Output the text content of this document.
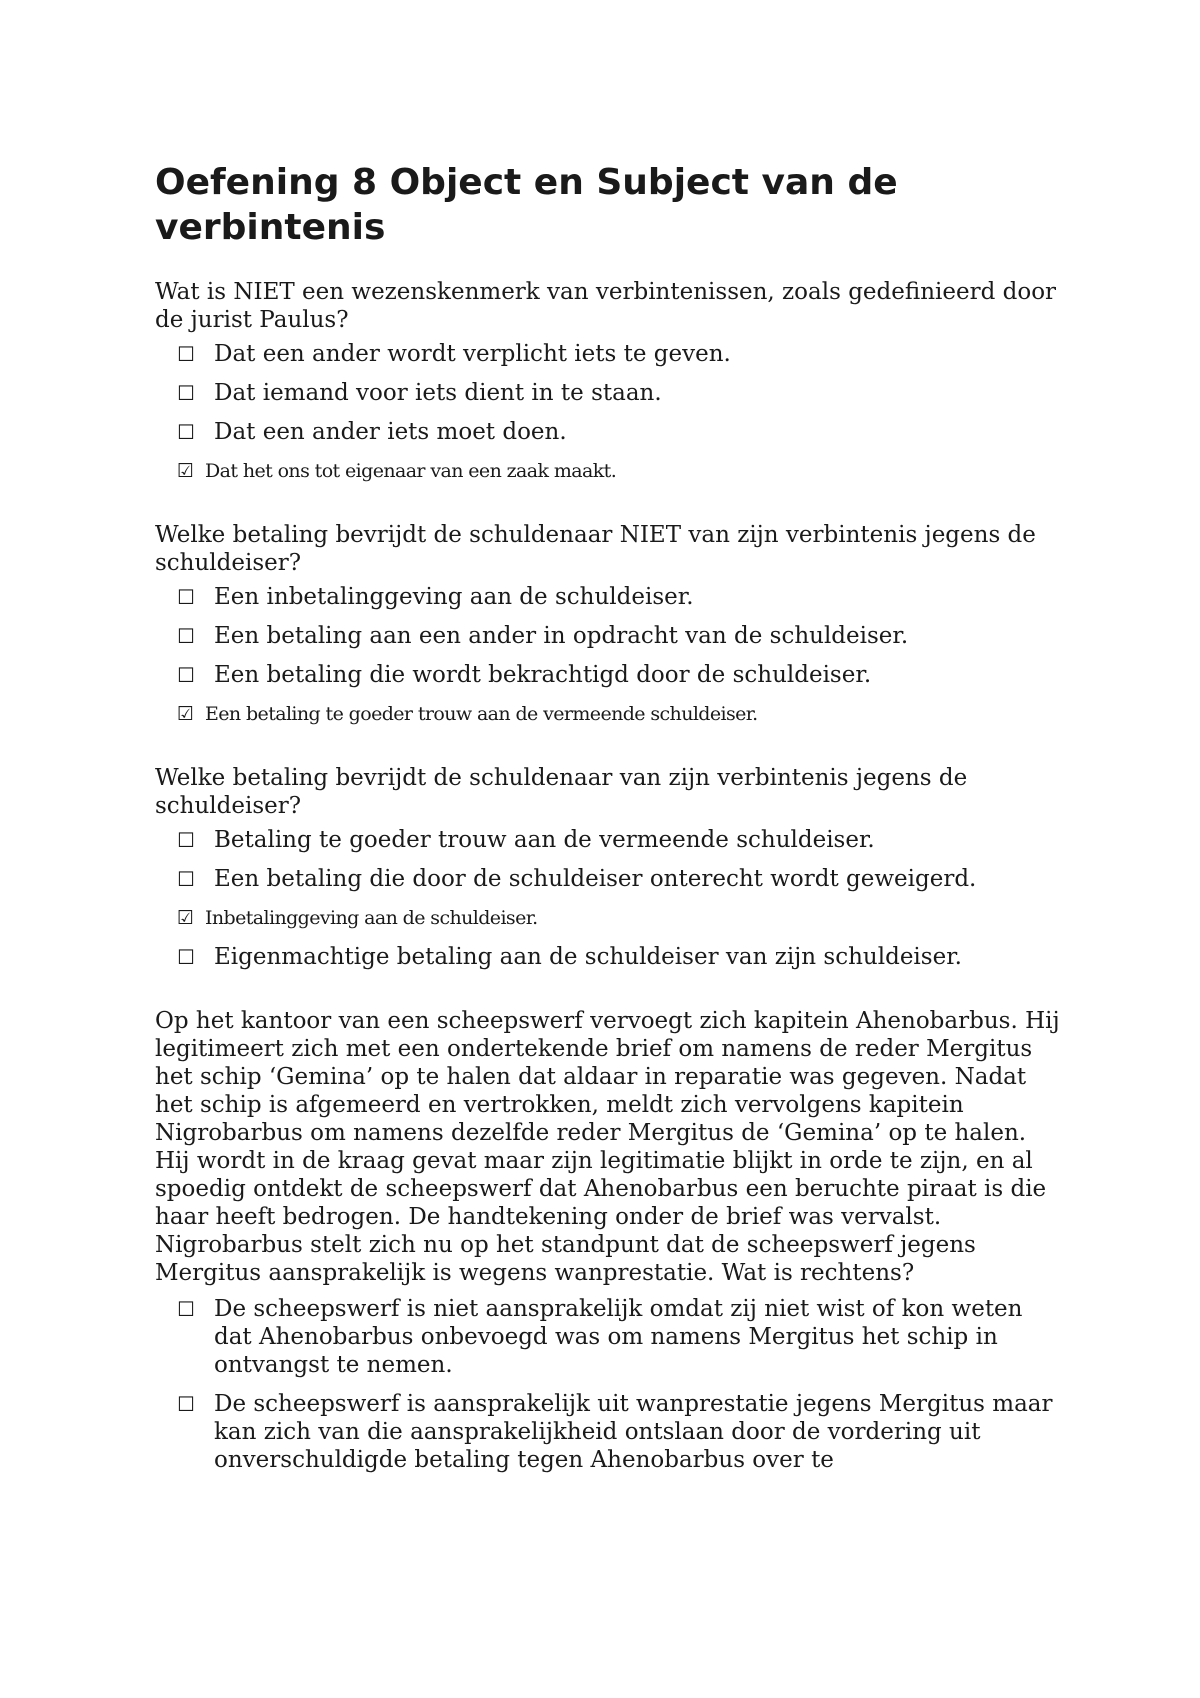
Oefening 8 Object en Subject van de verbintenis

Wat is NIET een wezenskenmerk van verbintenissen, zoals gedefinieerd door de jurist Paulus?

☐ Dat een ander wordt verplicht iets te geven.
☐ Dat iemand voor iets dient in te staan.
☐ Dat een ander iets moet doen.
☑ Dat het ons tot eigenaar van een zaak maakt.

Welke betaling bevrijdt de schuldenaar NIET van zijn verbintenis jegens de schuldeiser?

☐ Een inbetalinggeving aan de schuldeiser.
☐ Een betaling aan een ander in opdracht van de schuldeiser.
☐ Een betaling die wordt bekrachtigd door de schuldeiser.
☑ Een betaling te goeder trouw aan de vermeende schuldeiser.

Welke betaling bevrijdt de schuldenaar van zijn verbintenis jegens de schuldeiser?

☐ Betaling te goeder trouw aan de vermeende schuldeiser.
☐ Een betaling die door de schuldeiser onterecht wordt geweigerd.
☑ Inbetalinggeving aan de schuldeiser.
☐ Eigenmachtige betaling aan de schuldeiser van zijn schuldeiser.

Op het kantoor van een scheepswerf vervoegt zich kapitein Ahenobarbus. Hij legitimeert zich met een ondertekende brief om namens de reder Mergitus het schip ‘Gemina’ op te halen dat aldaar in reparatie was gegeven. Nadat het schip is afgemeerd en vertrokken, meldt zich vervolgens kapitein Nigrobarbus om namens dezelfde reder Mergitus de ‘Gemina’ op te halen. Hij wordt in de kraag gevat maar zijn legitimatie blijkt in orde te zijn, en al spoedig ontdekt de scheepswerf dat Ahenobarbus een beruchte piraat is die haar heeft bedrogen. De handtekening onder de brief was vervalst. Nigrobarbus stelt zich nu op het standpunt dat de scheepswerf jegens Mergitus aansprakelijk is wegens wanprestatie. Wat is rechtens?

☐ De scheepswerf is niet aansprakelijk omdat zij niet wist of kon weten dat Ahenobarbus onbevoegd was om namens Mergitus het schip in ontvangst te nemen.
☐ De scheepswerf is aansprakelijk uit wanprestatie jegens Mergitus maar kan zich van die aansprakelijkheid ontslaan door de vordering uit onverschuldigde betaling tegen Ahenobarbus over te
